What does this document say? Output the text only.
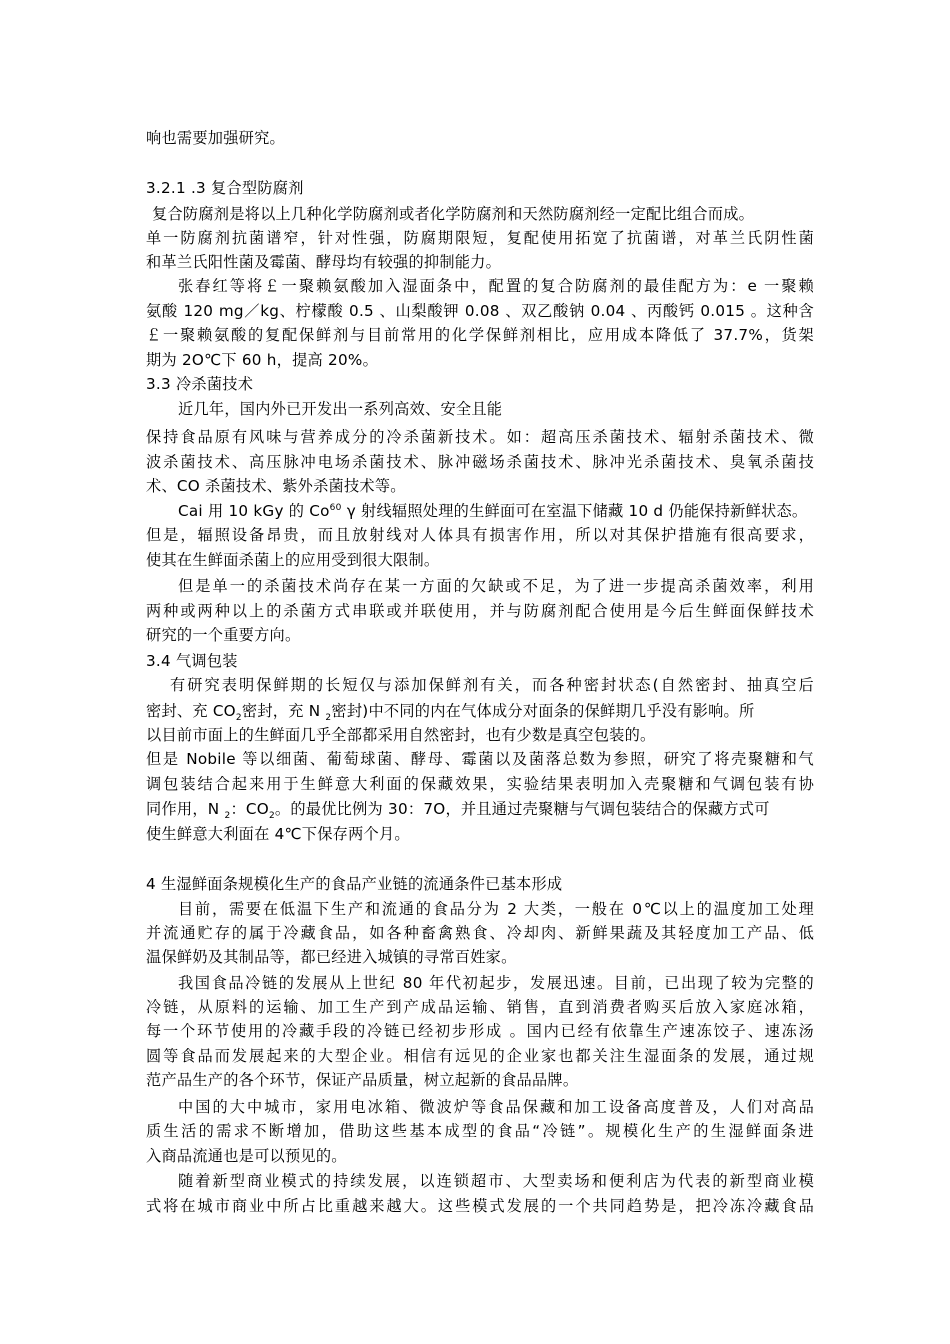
响也需要加强研究。
3.2.1 .3 复合型防腐剂
复合防腐剂是将以上几种化学防腐剂或者化学防腐剂和天然防腐剂经一定配比组合而成。
单一防腐剂抗菌谱窄，针对性强，防腐期限短，复配使用拓宽了抗菌谱，对革兰氏阴性菌
和革兰氏阳性菌及霉菌、酵母均有较强的抑制能力。
张春红等将￡一聚赖氨酸加入湿面条中，配置的复合防腐剂的最佳配方为：e 一聚赖
氨酸 120 mg／kg、柠檬酸 0.5 、山梨酸钾 0.08 、双乙酸钠 0.04 、丙酸钙 0.015 。这种含
￡一聚赖氨酸的复配保鲜剂与目前常用的化学保鲜剂相比，应用成本降低了 37.7%，货架
期为 2O℃下 60 h，提高 20%。
3.3 冷杀菌技术
近几年，国内外已开发出一系列高效、安全且能
保持食品原有风味与营养成分的冷杀菌新技术。如：超高压杀菌技术、辐射杀菌技术、微
波杀菌技术、高压脉冲电场杀菌技术、脉冲磁场杀菌技术、脉冲光杀菌技术、臭氧杀菌技
术、CO 杀菌技术、紫外杀菌技术等。
Cai 用 10 kGy 的 Co$^{60}$ γ 射线辐照处理的生鲜面可在室温下储藏 10 d 仍能保持新鲜状态。
但是，辐照设备昂贵，而且放射线对人体具有损害作用，所以对其保护措施有很高要求，
使其在生鲜面杀菌上的应用受到很大限制。
但是单一的杀菌技术尚存在某一方面的欠缺或不足，为了进一步提高杀菌效率，利用
两种或两种以上的杀菌方式串联或并联使用，并与防腐剂配合使用是今后生鲜面保鲜技术
研究的一个重要方向。
3.4 气调包装
有研究表明保鲜期的长短仅与添加保鲜剂有关，而各种密封状态(自然密封、抽真空后
密封、充 $CO_2$密封，充 N $_2$密封)中不同的内在气体成分对面条的保鲜期几乎没有影响。所
以目前市面上的生鲜面几乎全部都采用自然密封，也有少数是真空包装的。
但是 Nobile 等以细菌、葡萄球菌、酵母、霉菌以及菌落总数为参照，研究了将壳聚糖和气
调包装结合起来用于生鲜意大利面的保藏效果，实验结果表明加入壳聚糖和气调包装有协
同作用，N $_2$：$CO_2$。的最优比例为 30：7O，并且通过壳聚糖与气调包装结合的保藏方式可
使生鲜意大利面在 4℃下保存两个月。
4 生湿鲜面条规模化生产的食品产业链的流通条件已基本形成
目前，需要在低温下生产和流通的食品分为 2 大类，一般在 0℃以上的温度加工处理
并流通贮存的属于冷藏食品，如各种畜禽熟食、冷却肉、新鲜果蔬及其轻度加工产品、低
温保鲜奶及其制品等，都已经进入城镇的寻常百姓家。
我国食品冷链的发展从上世纪 80 年代初起步，发展迅速。目前，已出现了较为完整的
冷链，从原料的运输、加工生产到产成品运输、销售，直到消费者购买后放入家庭冰箱，
每一个环节使用的冷藏手段的冷链已经初步形成 。国内已经有依靠生产速冻饺子、速冻汤
圆等食品而发展起来的大型企业。相信有远见的企业家也都关注生湿面条的发展，通过规
范产品生产的各个环节，保证产品质量，树立起新的食品品牌。
中国的大中城市，家用电冰箱、微波炉等食品保藏和加工设备高度普及，人们对高品
质生活的需求不断增加，借助这些基本成型的食品“冷链”。规模化生产的生湿鲜面条进
入商品流通也是可以预见的。
随着新型商业模式的持续发展，以连锁超市、大型卖场和便利店为代表的新型商业模
式将在城市商业中所占比重越来越大。这些模式发展的一个共同趋势是，把冷冻冷藏食品
